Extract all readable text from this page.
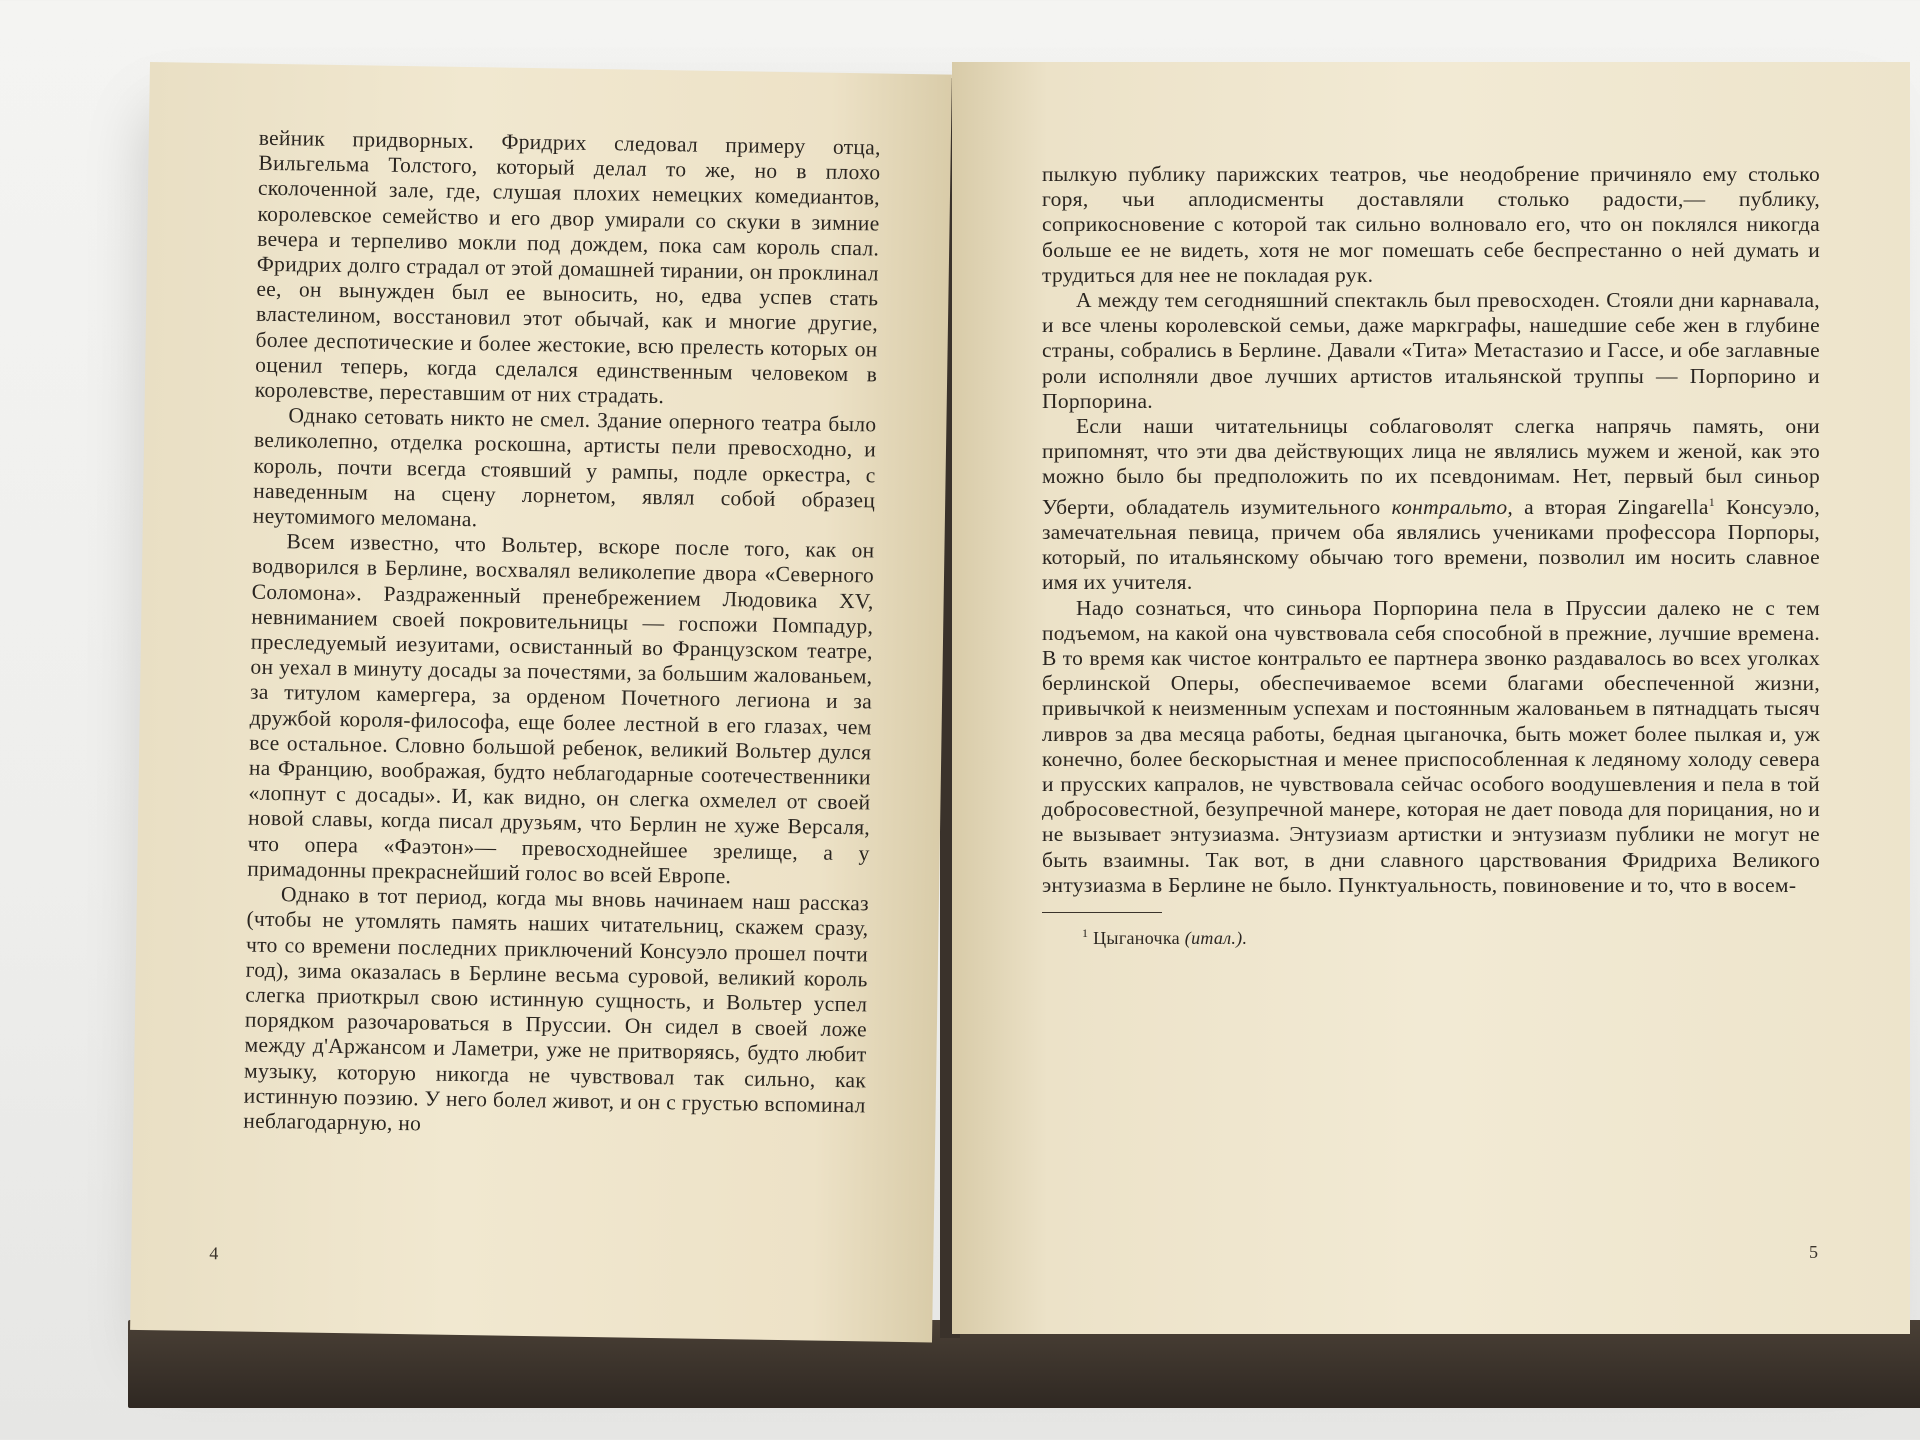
вейник придворных. Фридрих следовал примеру отца, Вильгельма Толстого, который делал то же, но в плохо сколоченной зале, где, слушая плохих немецких комедиантов, королевское семейство и его двор умирали со скуки в зимние вечера и терпеливо мокли под дождем, пока сам король спал. Фридрих долго страдал от этой домашней тирании, он проклинал ее, он вынужден был ее выносить, но, едва успев стать властелином, восстановил этот обычай, как и многие другие, более деспотические и более жестокие, всю прелесть которых он оценил теперь, когда сделался единственным человеком в королевстве, переставшим от них страдать.

Однако сетовать никто не смел. Здание оперного театра было великолепно, отделка роскошна, артисты пели превосходно, и король, почти всегда стоявший у рампы, подле оркестра, с наведенным на сцену лорнетом, являл собой образец неутомимого меломана.

Всем известно, что Вольтер, вскоре после того, как он водворился в Берлине, восхвалял великолепие двора «Северного Соломона». Раздраженный пренебрежением Людовика XV, невниманием своей покровительницы — госпожи Помпадур, преследуемый иезуитами, освистанный во Французском театре, он уехал в минуту досады за почестями, за большим жалованьем, за титулом камергера, за орденом Почетного легиона и за дружбой короля-философа, еще более лестной в его глазах, чем все остальное. Словно большой ребенок, великий Вольтер дулся на Францию, воображая, будто неблагодарные соотечественники «лопнут с досады». И, как видно, он слегка охмелел от своей новой славы, когда писал друзьям, что Берлин не хуже Версаля, что опера «Фаэтон»— превосходнейшее зрелище, а у примадонны прекраснейший голос во всей Европе.

Однако в тот период, когда мы вновь начинаем наш рассказ (чтобы не утомлять память наших читательниц, скажем сразу, что со времени последних приключений Консуэло прошел почти год), зима оказалась в Берлине весьма суровой, великий король слегка приоткрыл свою истинную сущность, и Вольтер успел порядком разочароваться в Пруссии. Он сидел в своей ложе между д'Аржансом и Ламетри, уже не притворяясь, будто любит музыку, которую никогда не чувствовал так сильно, как истинную поэзию. У него болел живот, и он с грустью вспоминал неблагодарную, но

4

пылкую публику парижских театров, чье неодобрение причиняло ему столько горя, чьи аплодисменты доставляли столько радости,— публику, соприкосновение с которой так сильно волновало его, что он поклялся никогда больше ее не видеть, хотя не мог помешать себе беспрестанно о ней думать и трудиться для нее не покладая рук.

А между тем сегодняшний спектакль был превосходен. Стояли дни карнавала, и все члены королевской семьи, даже маркграфы, нашедшие себе жен в глубине страны, собрались в Берлине. Давали «Тита» Метастазио и Гассе, и обе заглавные роли исполняли двое лучших артистов итальянской труппы — Порпорино и Порпорина.

Если наши читательницы соблаговолят слегка напрячь память, они припомнят, что эти два действующих лица не являлись мужем и женой, как это можно было бы предположить по их псевдонимам. Нет, первый был синьор Уберти, обладатель изумительного контральто, а вторая Zingarella$^1$ Консуэло, замечательная певица, причем оба являлись учениками профессора Порпоры, который, по итальянскому обычаю того времени, позволил им носить славное имя их учителя.

Надо сознаться, что синьора Порпорина пела в Пруссии далеко не с тем подъемом, на какой она чувствовала себя способной в прежние, лучшие времена. В то время как чистое контральто ее партнера звонко раздавалось во всех уголках берлинской Оперы, обеспечиваемое всеми благами обеспеченной жизни, привычкой к неизменным успехам и постоянным жалованьем в пятнадцать тысяч ливров за два месяца работы, бедная цыганочка, быть может более пылкая и, уж конечно, более бескорыстная и менее приспособленная к ледяному холоду севера и прусских капралов, не чувствовала сейчас особого воодушевления и пела в той добросовестной, безупречной манере, которая не дает повода для порицания, но и не вызывает энтузиазма. Энтузиазм артистки и энтузиазм публики не могут не быть взаимны. Так вот, в дни славного царствования Фридриха Великого энтузиазма в Берлине не было. Пунктуальность, повиновение и то, что в восем-

$^1$ Цыганочка (итал.).
5
